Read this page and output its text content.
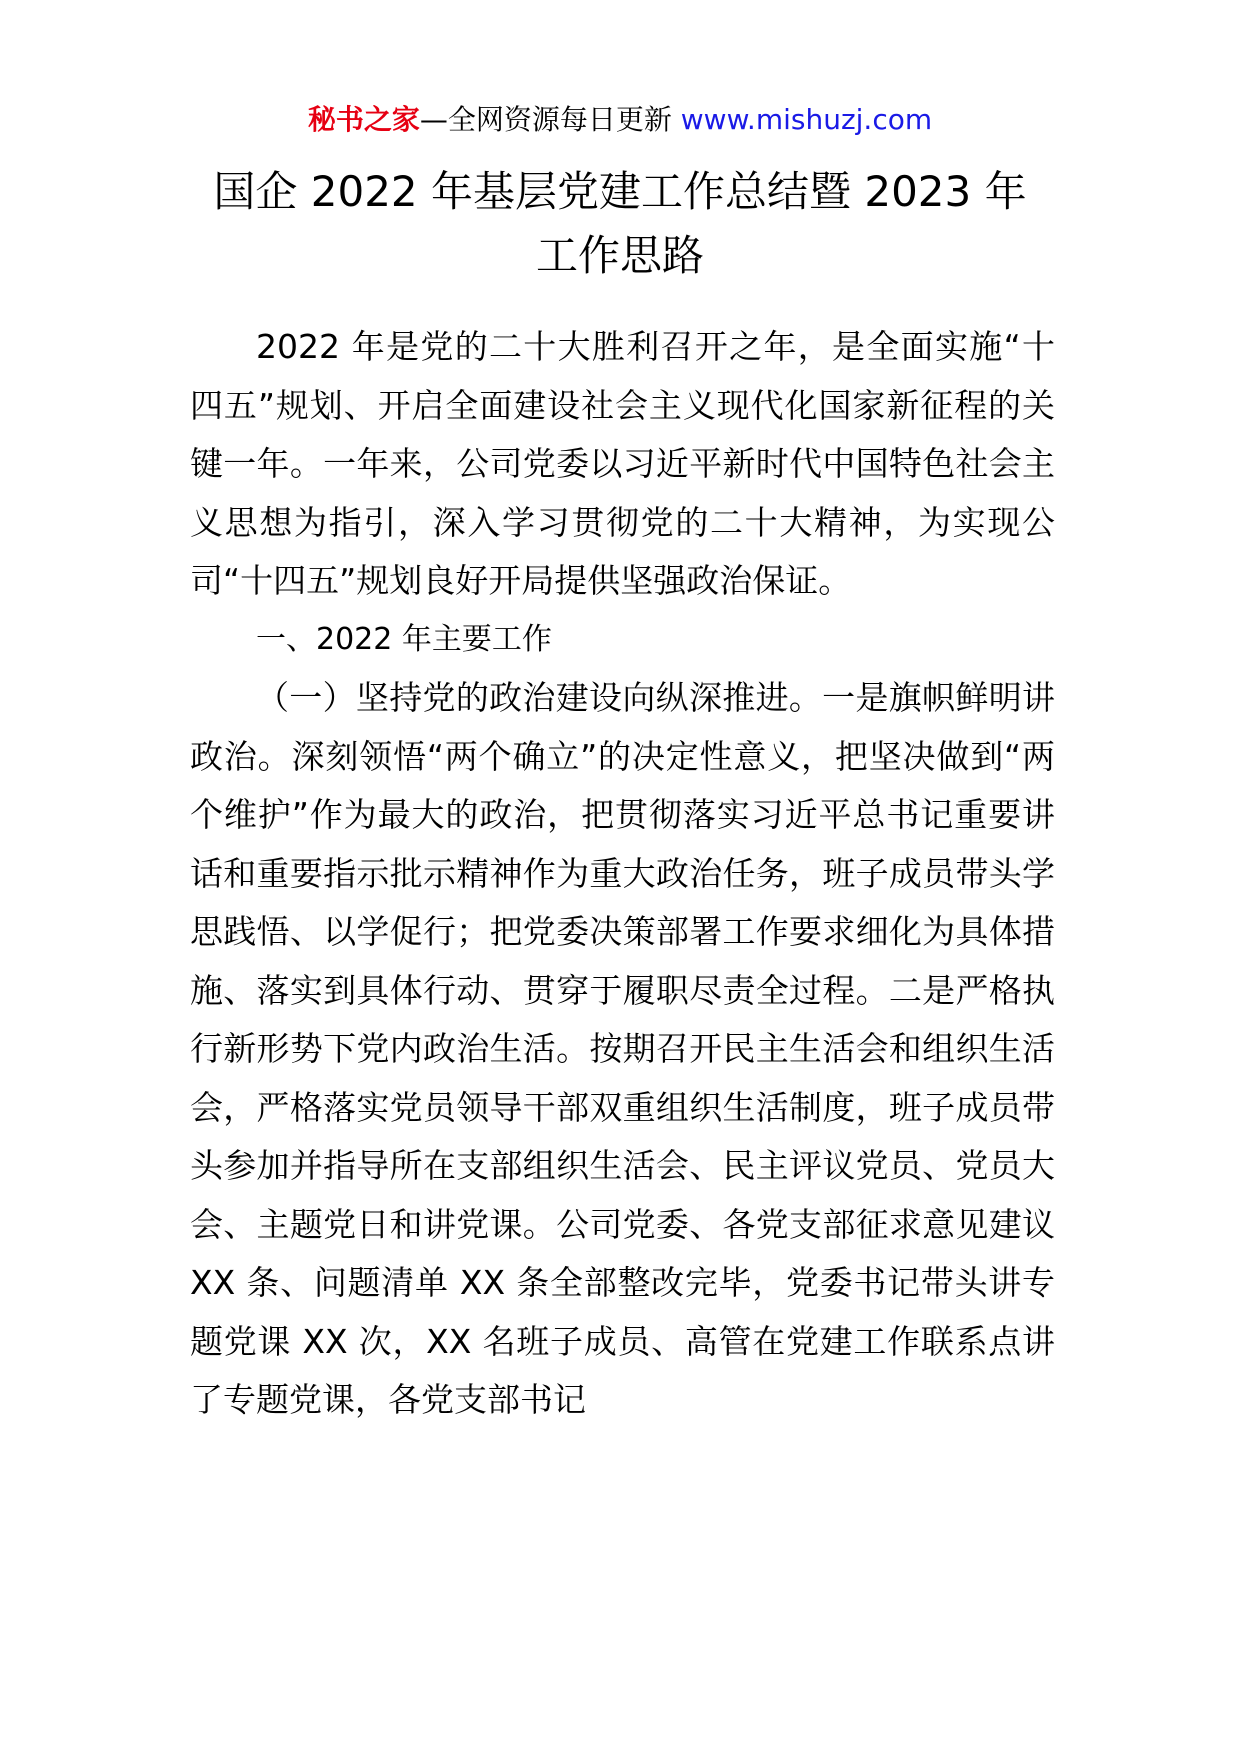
秘书之家—全网资源每日更新 www.mishuzj.com
国企 2022 年基层党建工作总结暨 2023 年
工作思路

2022 年是党的二十大胜利召开之年，是全面实施“十四五”规划、开启全面建设社会主义现代化国家新征程的关键一年。一年来，公司党委以习近平新时代中国特色社会主义思想为指引，深入学习贯彻党的二十大精神，为实现公司“十四五”规划良好开局提供坚强政治保证。

一、2022 年主要工作

（一）坚持党的政治建设向纵深推进。一是旗帜鲜明讲政治。深刻领悟“两个确立”的决定性意义，把坚决做到“两个维护”作为最大的政治，把贯彻落实习近平总书记重要讲话和重要指示批示精神作为重大政治任务，班子成员带头学思践悟、以学促行；把党委决策部署工作要求细化为具体措施、落实到具体行动、贯穿于履职尽责全过程。二是严格执行新形势下党内政治生活。按期召开民主生活会和组织生活会，严格落实党员领导干部双重组织生活制度，班子成员带头参加并指导所在支部组织生活会、民主评议党员、党员大会、主题党日和讲党课。公司党委、各党支部征求意见建议 XX 条、问题清单 XX 条全部整改完毕，党委书记带头讲专题党课 XX 次，XX 名班子成员、高管在党建工作联系点讲了专题党课，各党支部书记
